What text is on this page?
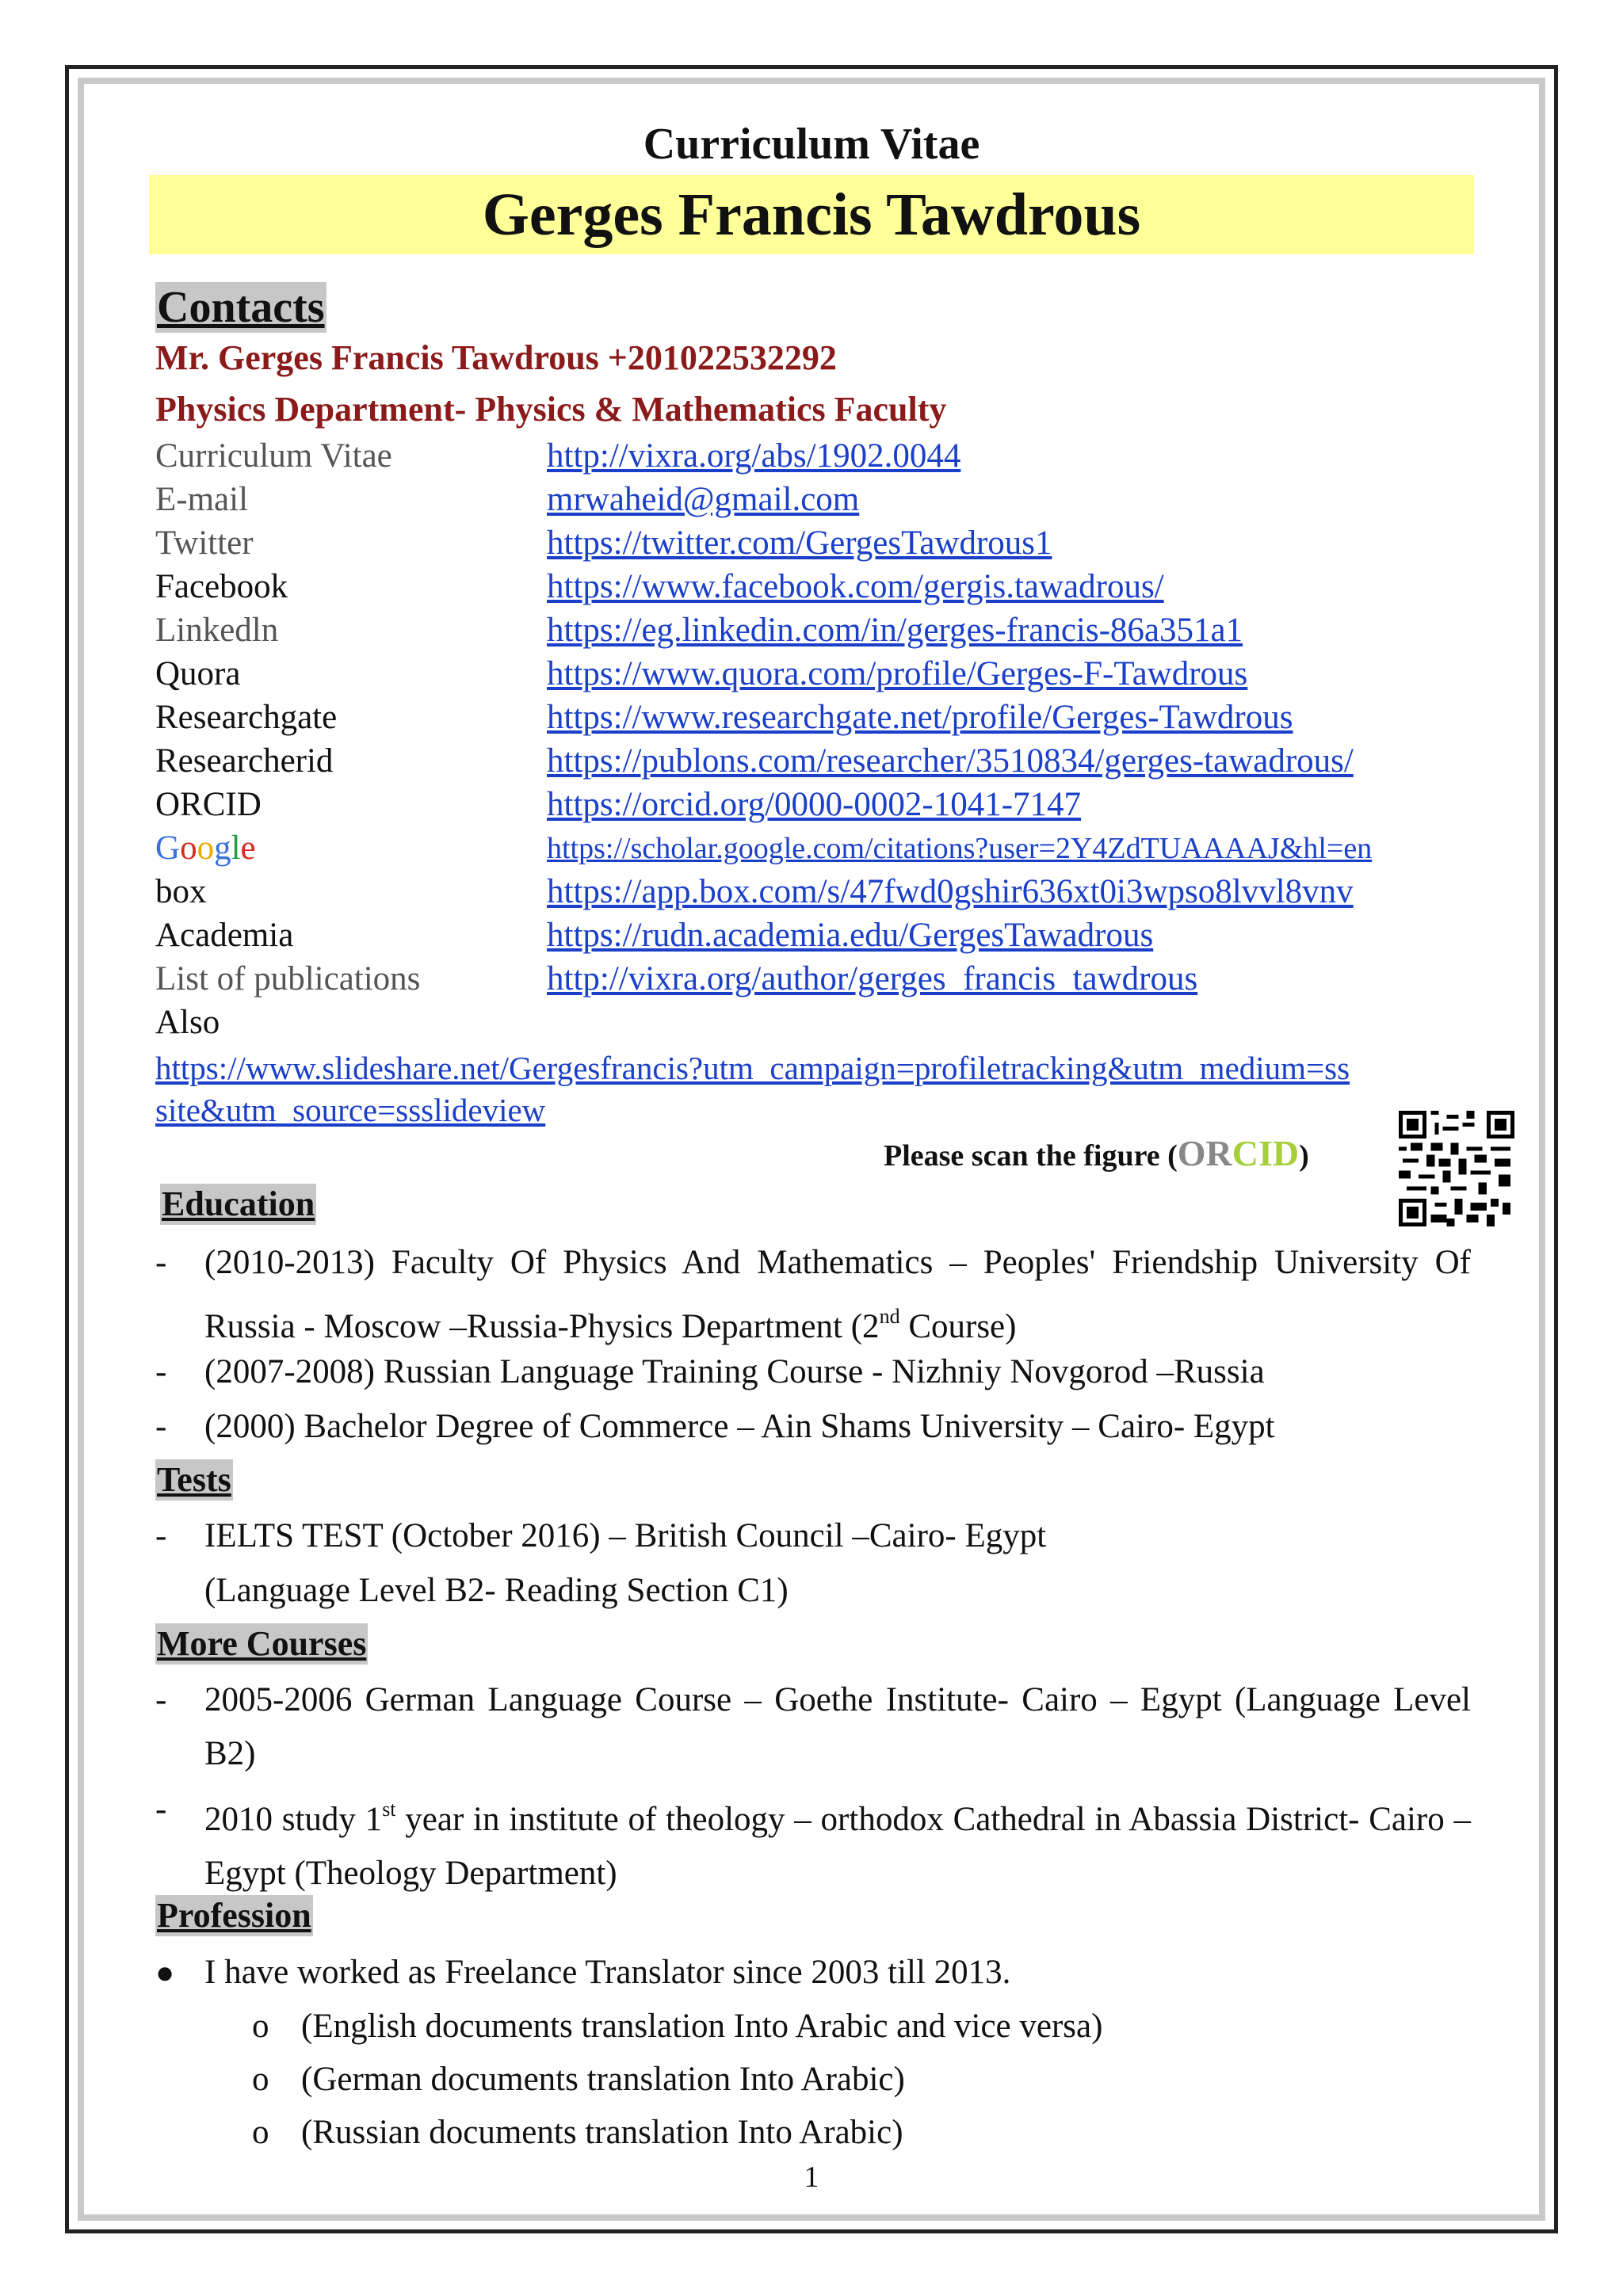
Curriculum Vitae
Gerges Francis Tawdrous
Contacts
Mr. Gerges Francis Tawdrous +201022532292
Physics Department- Physics & Mathematics Faculty
Curriculum Vitae	http://vixra.org/abs/1902.0044
E-mail	mrwaheid@gmail.com
Twitter	https://twitter.com/GergesTawdrous1
Facebook	https://www.facebook.com/gergis.tawadrous/
Linkedln	https://eg.linkedin.com/in/gerges-francis-86a351a1
Quora	https://www.quora.com/profile/Gerges-F-Tawdrous
Researchgate	https://www.researchgate.net/profile/Gerges-Tawdrous
Researcherid	https://publons.com/researcher/3510834/gerges-tawadrous/
ORCID	https://orcid.org/0000-0002-1041-7147
Google	https://scholar.google.com/citations?user=2Y4ZdTUAAAAJ&hl=en
box	https://app.box.com/s/47fwd0gshir636xt0i3wpso8lvvl8vnv
Academia	https://rudn.academia.edu/GergesTawadrous
List of publications	http://vixra.org/author/gerges_francis_tawdrous
Also
https://www.slideshare.net/Gergesfrancis?utm_campaign=profiletracking&utm_medium=ss
site&utm_source=ssslideview
Please scan the figure (ORCID)
Education
- (2010-2013) Faculty Of Physics And Mathematics – Peoples' Friendship University Of Russia - Moscow –Russia-Physics Department (2nd Course)
- (2007-2008) Russian Language Training Course - Nizhniy Novgorod –Russia
- (2000) Bachelor Degree of Commerce – Ain Shams University – Cairo- Egypt
Tests
- IELTS TEST (October 2016) – British Council –Cairo- Egypt
(Language Level B2- Reading Section C1)
More Courses
- 2005-2006 German Language Course – Goethe Institute- Cairo – Egypt (Language Level B2)
- 2010 study 1st year in institute of theology – orthodox Cathedral in Abassia District- Cairo – Egypt (Theology Department)
Profession
● I have worked as Freelance Translator since 2003 till 2013.
o (English documents translation Into Arabic and vice versa)
o (German documents translation Into Arabic)
o (Russian documents translation Into Arabic)
1
